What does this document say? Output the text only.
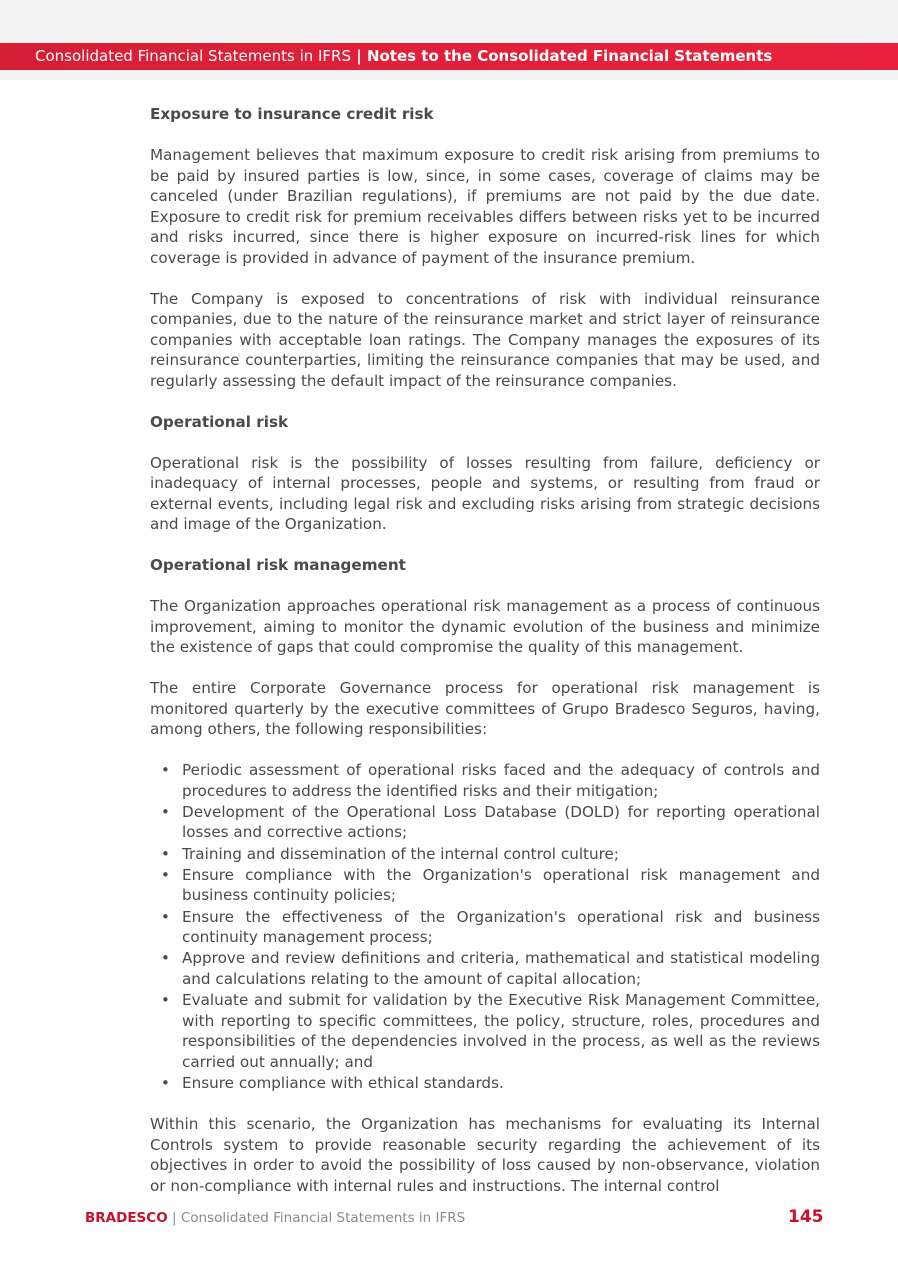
Consolidated Financial Statements in IFRS | Notes to the Consolidated Financial Statements
Exposure to insurance credit risk

Management believes that maximum exposure to credit risk arising from premiums to be paid by insured parties is low, since, in some cases, coverage of claims may be canceled (under Brazilian regulations), if premiums are not paid by the due date. Exposure to credit risk for premium receivables differs between risks yet to be incurred and risks incurred, since there is higher exposure on incurred-risk lines for which coverage is provided in advance of payment of the insurance premium.

The Company is exposed to concentrations of risk with individual reinsurance companies, due to the nature of the reinsurance market and strict layer of reinsurance companies with acceptable loan ratings. The Company manages the exposures of its reinsurance counterparties, limiting the reinsurance companies that may be used, and regularly assessing the default impact of the reinsurance companies.

Operational risk

Operational risk is the possibility of losses resulting from failure, deficiency or inadequacy of internal processes, people and systems, or resulting from fraud or external events, including legal risk and excluding risks arising from strategic decisions and image of the Organization.

Operational risk management

The Organization approaches operational risk management as a process of continuous improvement, aiming to monitor the dynamic evolution of the business and minimize the existence of gaps that could compromise the quality of this management.

The entire Corporate Governance process for operational risk management is monitored quarterly by the executive committees of Grupo Bradesco Seguros, having, among others, the following responsibilities:

• Periodic assessment of operational risks faced and the adequacy of controls and procedures to address the identified risks and their mitigation;
• Development of the Operational Loss Database (DOLD) for reporting operational losses and corrective actions;
• Training and dissemination of the internal control culture;
• Ensure compliance with the Organization's operational risk management and business continuity policies;
• Ensure the effectiveness of the Organization's operational risk and business continuity management process;
• Approve and review definitions and criteria, mathematical and statistical modeling and calculations relating to the amount of capital allocation;
• Evaluate and submit for validation by the Executive Risk Management Committee, with reporting to specific committees, the policy, structure, roles, procedures and responsibilities of the dependencies involved in the process, as well as the reviews carried out annually; and
• Ensure compliance with ethical standards.

Within this scenario, the Organization has mechanisms for evaluating its Internal Controls system to provide reasonable security regarding the achievement of its objectives in order to avoid the possibility of loss caused by non-observance, violation or non-compliance with internal rules and instructions. The internal control

BRADESCO | Consolidated Financial Statements in IFRS	145
